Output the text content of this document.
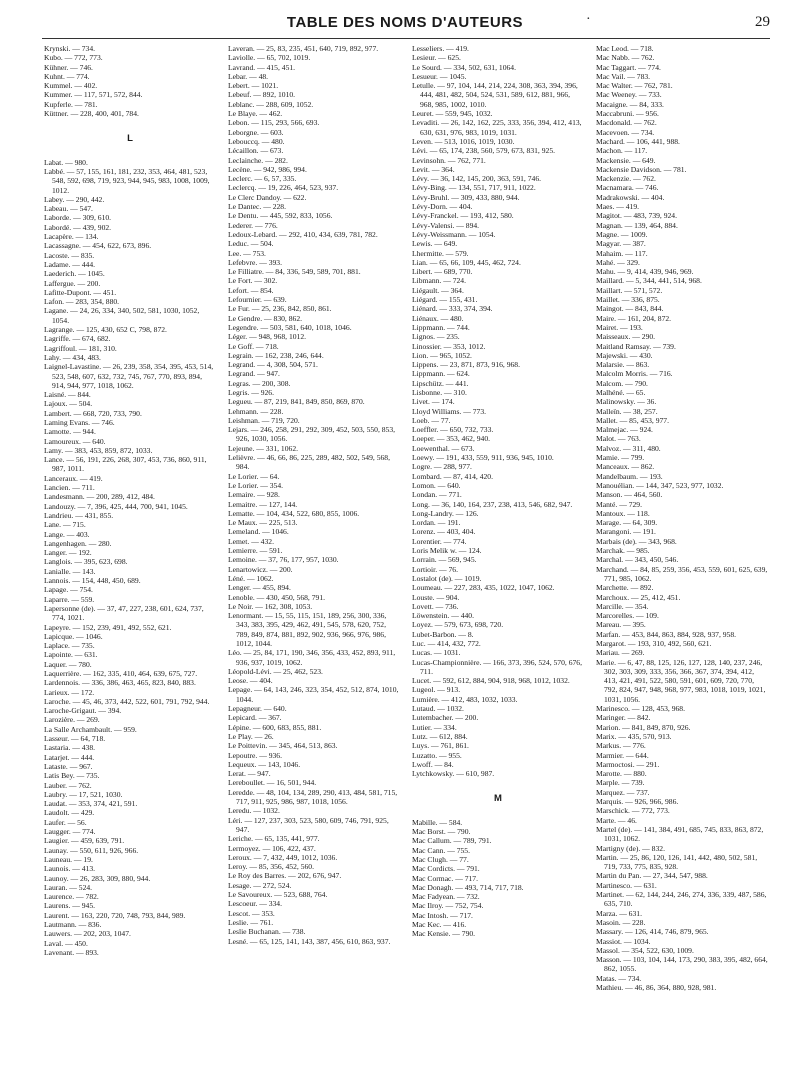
TABLE DES NOMS D'AUTEURS	·	29
Krynski. — 734.
Kubo. — 772, 773.
Kühner. — 746.
Kuhnt. — 774.
Kummel. — 402.
Kummer. — 117, 571, 572, 844.
Kupferle. — 781.
Küttner. — 228, 400, 401, 784.
L
Labat. — 980.
Labbé. — 57, 155, 161, 181, 232, 353, 464, 481, 523, 548, 592, 698, 719, 923, 944, 945, 983, 1008, 1009, 1012.
Labey. — 290, 442.
Labeau. — 547.
Laborde. — 309, 610.
Labordé. — 439, 902.
Lacapère. — 134.
Lacassagne. — 454, 622, 673, 896.
Lacoste. — 835.
Ladame. — 444.
Laederich. — 1045.
Laffergue. — 200.
Lafitte-Dupont. — 451.
Lafon. — 283, 354, 880.
Lagane. — 24, 26, 334, 340, 502, 581, 1030, 1052, 1054.
Lagrange. — 125, 430, 652 C, 798, 872.
Lagriffe. — 674, 682.
Lagriffoul. — 181, 310.
Lahy. — 434, 483.
Laignel-Lavastine. — 26, 239, 358, 354, 395, 453, 514, 523, 548, 607, 632, 732, 745, 767, 770, 893, 894, 914, 944, 977, 1018, 1062.
Laisné. — 844.
Lajoux. — 504.
Lambert. — 668, 720, 733, 790.
Laming Evans. — 746.
Lamotte. — 944.
Lamoureux. — 640.
Lamy. — 383, 453, 859, 872, 1033.
Lance. — 56, 191, 226, 268, 307, 453, 736, 860, 911, 987, 1011.
Lanceraux. — 419.
Lancien. — 711.
Landesmann. — 200, 289, 412, 484.
Landouzy. — 7, 396, 425, 444, 700, 941, 1045.
Landrieu. — 431, 855.
Lane. — 715.
Lange. — 403.
Langenhagen. — 280.
Langer. — 192.
Langlois. — 395, 623, 698.
Lanialle. — 143.
Lannois. — 154, 448, 450, 689.
Lapage. — 754.
Laparre. — 559.
Lapersonne (de). — 37, 47, 227, 238, 601, 624, 737, 774, 1021.
Lapeyre. — 152, 239, 491, 492, 552, 621.
Lapicque. — 1046.
Laplace. — 735.
Lapointe. — 631.
Laquer. — 780.
Laquerrière. — 162, 335, 410, 464, 639, 675, 727.
Lardennois. — 336, 386, 463, 465, 823, 840, 883.
Larieux. — 172.
Laroche. — 45, 46, 373, 442, 522, 601, 791, 792, 944.
Laroche-Grigaut. — 394.
Larozière. — 269.
La Salle Archambault. — 959.
Lasseur. — 64, 718.
Lastaria. — 438.
Latarjet. — 444.
Lataste. — 967.
Latis Bey. — 735.
Lauber. — 762.
Laubry. — 17, 521, 1030.
Laudat. — 353, 374, 421, 591.
Laudolt. — 429.
Laufer. — 56.
Laugger. — 774.
Laugier. — 459, 639, 791.
Launay. — 550, 611, 926, 966.
Launeau. — 19.
Launois. — 413.
Launoy. — 26, 283, 309, 880, 944.
Lauran. — 524.
Laurence. — 782.
Laurens. — 945.
Laurent. — 163, 220, 720, 748, 793, 844, 989.
Lautmann. — 836.
Lauwers. — 202, 203, 1047.
Laval. — 450.
Lavenant. — 893.
Laveran. — 25, 83, 235, 451, 640, 719, 892, 977.
Laviolle. — 65, 702, 1019.
Lavrand. — 415, 451.
Lebar. — 48.
Lebert. — 1021.
Lebeuf. — 892, 1010.
Leblanc. — 288, 609, 1052.
Le Blaye. — 462.
Lebon. — 115, 293, 566, 693.
Leborgne. — 603.
Lebouccq. — 480.
Lécaillon. — 673.
Leclainche. — 282.
Lecène. — 942, 986, 994.
Leclerc. — 6, 57, 335.
Leclercq. — 19, 226, 464, 523, 937.
Le Clerc Dandoy. — 622.
Le Dantec. — 228.
Le Dentu. — 445, 592, 833, 1056.
Lederer. — 776.
Ledoux-Lebard. — 292, 410, 434, 639, 781, 782.
Leduc. — 504.
Lee. — 753.
Lefebvre. — 393.
Le Filliatre. — 84, 336, 549, 589, 701, 881.
Le Fort. — 302.
Lefort. — 854.
Lefournier. — 639.
Le Fur. — 25, 236, 842, 850, 861.
Le Gendre. — 830, 862.
Legendre. — 503, 581, 640, 1018, 1046.
Léger. — 948, 968, 1012.
Le Goff. — 718.
Legrain. — 162, 238, 246, 644.
Legrand. — 4, 308, 504, 571.
Legrand. — 947.
Legras. — 200, 308.
Legris. — 926.
Legueu. — 87, 219, 841, 849, 850, 869, 870.
Lehmann. — 228.
Leishman. — 719, 720.
Lejars. — 246, 258, 291, 292, 309, 452, 503, 550, 853, 926, 1030, 1056.
Lejeune. — 331, 1062.
Lelièvre. — 46, 66, 86, 225, 289, 482, 502, 549, 568, 984.
Le Lorier. — 64.
Le Lorier. — 354.
Lemaire. — 928.
Lemaitre. — 127, 144.
Lematte. — 104, 434, 522, 680, 855, 1006.
Le Maux. — 225, 513.
Lemeland. — 1046.
Lemet. — 432.
Lemierre. — 591.
Lemoine. — 37, 76, 177, 957, 1030.
Lenartowicz. — 200.
Léné. — 1062.
Lenger. — 455, 894.
Lenoble. — 430, 450, 568, 791.
Le Noir. — 162, 308, 1053.
Lenormant. — 15, 55, 115, 151, 189, 256, 300, 336, 343, 383, 395, 429, 462, 491, 545, 578, 620, 752, 789, 849, 874, 881, 892, 902, 936, 966, 976, 986, 1012, 1044.
Léo. — 25, 84, 171, 190, 346, 356, 433, 452, 893, 911, 936, 937, 1019, 1062.
Léopold-Lévi. — 25, 462, 523.
Leose. — 404.
Lepage. — 64, 143, 246, 323, 354, 452, 512, 874, 1010, 1044.
Lepagneur. — 640.
Lepicard. — 367.
Lépine. — 600, 683, 855, 881.
Le Play. — 26.
Le Poittevin. — 345, 464, 513, 863.
Lepoutre. — 936.
Lequeux. — 143, 1046.
Lerat. — 947.
Lereboullet. — 16, 501, 944.
Leredde. — 48, 104, 134, 289, 290, 413, 484, 581, 715, 717, 911, 925, 986, 987, 1018, 1056.
Leredu. — 1032.
Léri. — 127, 237, 303, 523, 580, 609, 746, 791, 925, 947.
Leriche. — 65, 135, 441, 977.
Lermoyez. — 106, 422, 437.
Leroux. — 7, 432, 449, 1012, 1036.
Leroy. — 85, 356, 452, 560.
Le Roy des Barres. — 202, 676, 947.
Lesage. — 272, 524.
Le Savoureux. — 523, 688, 764.
Lescoeur. — 334.
Lescot. — 353.
Leslie. — 761.
Leslie Buchanan. — 738.
Lesné. — 65, 125, 141, 143, 387, 456, 610, 863, 937.
Lesseliers. — 419.
Lesieur. — 625.
Le Sourd. — 334, 502, 631, 1064.
Lesueur. — 1045.
Letulle. — 97, 104, 144, 214, 224, 308, 363, 394, 396, 444, 481, 482, 504, 524, 531, 589, 612, 881, 966, 968, 985, 1002, 1010.
Leuret. — 559, 945, 1032.
Levaditi. — 26, 142, 162, 225, 333, 356, 394, 412, 413, 630, 631, 976, 983, 1019, 1031.
Leven. — 513, 1016, 1019, 1030.
Lévi. — 65, 174, 238, 560, 579, 673, 831, 925.
Levinsohn. — 762, 771.
Levit. — 364.
Lévy. — 36, 142, 145, 200, 363, 591, 746.
Lévy-Bing. — 134, 551, 717, 911, 1022.
Lévy-Bruhl. — 309, 433, 880, 944.
Lévy-Dorn. — 404.
Lévy-Franckel. — 193, 412, 580.
Lévy-Valensi. — 894.
Lévy-Weissmann. — 1054.
Lewis. — 649.
Lhermitte. — 579.
Lian. — 65, 66, 109, 445, 462, 724.
Libert. — 689, 770.
Libmann. — 724.
Liégault. — 364.
Liégard. — 155, 431.
Liénard. — 333, 374, 394.
Liénaux. — 480.
Lippmann. — 744.
Lignos. — 235.
Linossier. — 353, 1012.
Lion. — 965, 1052.
Lippens. — 23, 871, 873, 916, 968.
Lippmann. — 624.
Lipschütz. — 441.
Lisbonne. — 310.
Livet. — 174.
Lloyd Williams. — 773.
Loeb. — 77.
Loeffler. — 650, 732, 733.
Loeper. — 353, 462, 940.
Loewenthal. — 673.
Loewy. — 191, 433, 559, 911, 936, 945, 1010.
Logre. — 288, 977.
Lombard. — 87, 414, 420.
Lomon. — 640.
Londan. — 771.
Long. — 36, 140, 164, 237, 238, 413, 546, 682, 947.
Long-Landry. — 126.
Lordan. — 191.
Lorenz. — 403, 404.
Lorentier. — 774.
Loris Melik w. — 124.
Lorrain. — 569, 945.
Lortioir. — 76.
Lostalot (de). — 1019.
Loumeau. — 227, 283, 435, 1022, 1047, 1062.
Louste. — 904.
Lovett. — 736.
Löwenstein. — 440.
Loyez. — 579, 673, 698, 720.
Lubet-Barbon. — 8.
Luc. — 414, 432, 772.
Lucas. — 1031.
Lucas-Championnière. — 166, 373, 396, 524, 570, 676, 711.
Lucet. — 592, 612, 884, 904, 918, 968, 1012, 1032.
Lugeol. — 913.
Lumière. — 412, 483, 1032, 1033.
Lutaud. — 1032.
Lutembacher. — 200.
Lutier. — 334.
Lutz. — 612, 884.
Luys. — 761, 861.
Luzatto. — 955.
Lwoff. — 84.
Lytchkowsky. — 610, 987.
M
Mabille. — 584.
Mac Borst. — 790.
Mac Callum. — 789, 791.
Mac Cann. — 755.
Mac Clugh. — 77.
Mac Cordicts. — 791.
Mac Cormac. — 717.
Mac Donagh. — 493, 714, 717, 718.
Mac Fadyean. — 732.
Mac Ilroy. — 752, 754.
Mac Intosh. — 717.
Mac Kec. — 416.
Mac Kensie. — 790.
Mac Leod. — 718.
Mac Nabb. — 762.
Mac Taggart. — 774.
Mac Vail. — 783.
Mac Walter. — 762, 781.
Mac Weeney. — 733.
Macaigne. — 84, 333.
Maccabruni. — 956.
Macdonald. — 762.
Macevoen. — 734.
Machard. — 106, 441, 988.
Machon. — 117.
Mackensie. — 649.
Mackensie Davidson. — 781.
Mackenzie. — 762.
Macnamara. — 746.
Madrakowski. — 404.
Maes. — 419.
Magitot. — 483, 739, 924.
Magnan. — 139, 464, 884.
Magne. — 1009.
Magyar. — 387.
Mahaim. — 117.
Mahé. — 329.
Mahu. — 9, 414, 439, 946, 969.
Maillard. — 5, 344, 441, 514, 968.
Maillart. — 571, 572.
Maillet. — 336, 875.
Maingot. — 843, 844.
Maire. — 161, 204, 872.
Mairet. — 193.
Maisseaux. — 290.
Maitland Ramsay. — 739.
Majewski. — 430.
Malarsie. — 863.
Malcolm Morris. — 716.
Malcom. — 790.
Malhéné. — 65.
Malinowsky. — 36.
Malleïn. — 38, 257.
Mallet. — 85, 453, 977.
Malmejac. — 924.
Malot. — 763.
Malvoz. — 311, 480.
Mamie. — 799.
Manceaux. — 862.
Mandelbaum. — 193.
Manouélian. — 144, 347, 523, 977, 1032.
Manson. — 464, 560.
Manté. — 729.
Mantoux. — 118.
Marage. — 64, 309.
Marangoni. — 191.
Marbais (de). — 343, 968.
Marchak. — 985.
Marchal. — 343, 450, 546.
Marchand. — 84, 85, 259, 356, 453, 559, 601, 625, 639, 771, 985, 1062.
Marchette. — 892.
Marchoux. — 25, 412, 451.
Marcille. — 354.
Marcorelles. — 109.
Mareau. — 395.
Marfan. — 453, 844, 863, 884, 928, 937, 958.
Margarot. — 193, 310, 492, 560, 621.
Mariau. — 269.
Marie. — 6, 47, 88, 125, 126, 127, 128, 140, 237, 246, 302, 303, 309, 333, 356, 366, 367, 374, 394, 412, 413, 421, 491, 522, 580, 591, 601, 609, 720, 770, 792, 824, 947, 948, 968, 977, 983, 1018, 1019, 1021, 1031, 1056.
Marinesco. — 128, 453, 968.
Maringer. — 842.
Marion. — 841, 849, 870, 926.
Marix. — 435, 570, 913.
Markus. — 776.
Marmier. — 644.
Marmoctosi. — 291.
Marotte. — 880.
Marple. — 739.
Marquez. — 737.
Marquis. — 926, 966, 986.
Marschick. — 772, 773.
Marte. — 46.
Martel (de). — 141, 384, 491, 685, 745, 833, 863, 872, 1031, 1062.
Martigny (de). — 832.
Martin. — 25, 86, 120, 126, 141, 442, 480, 502, 581, 719, 733, 775, 835, 928.
Martin du Pan. — 27, 344, 547, 988.
Martinesco. — 631.
Martinet. — 62, 144, 244, 246, 274, 336, 339, 487, 586, 635, 710.
Marza. — 631.
Masoin. — 228.
Massary. — 126, 414, 746, 879, 965.
Massiot. — 1034.
Massol. — 354, 522, 630, 1009.
Masson. — 103, 104, 144, 173, 290, 383, 395, 482, 664, 862, 1055.
Matas. — 734.
Mathieu. — 46, 86, 364, 880, 928, 981.
